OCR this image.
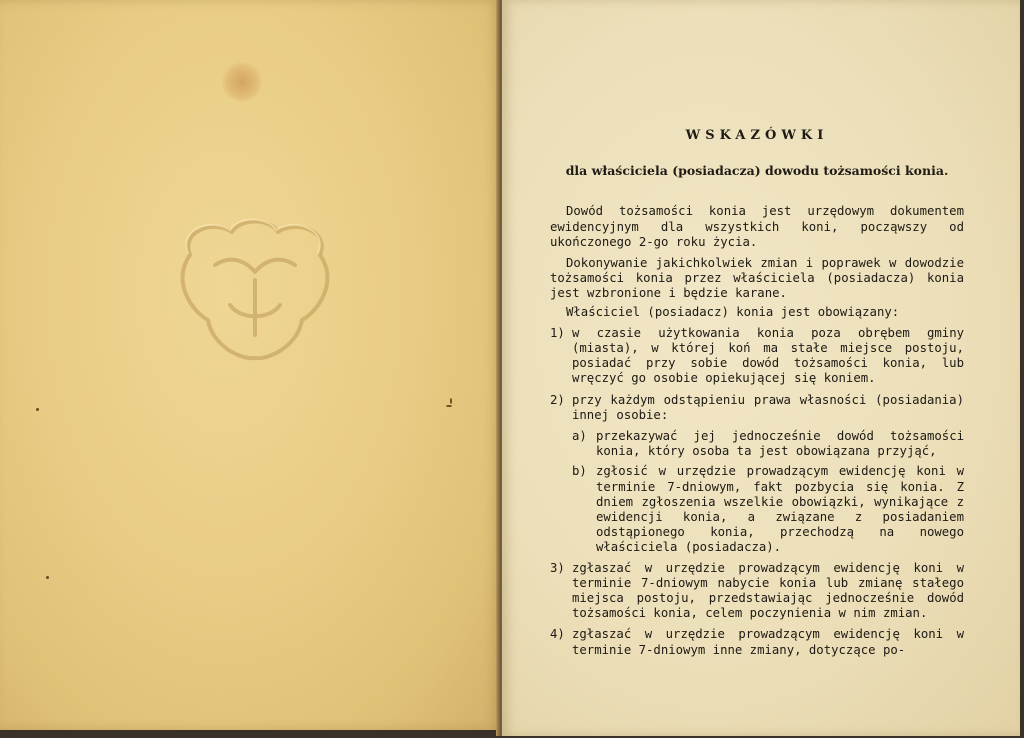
WSKAZÓWKI
dla właściciela (posiadacza) dowodu tożsamości konia.
Dowód tożsamości konia jest urzędowym dokumentem ewidencyjnym dla wszystkich koni, począwszy od ukończonego 2-go roku życia.
Dokonywanie jakichkolwiek zmian i poprawek w dowodzie tożsamości konia przez właściciela (posiadacza) konia jest wzbronione i będzie karane.
Właściciel (posiadacz) konia jest obowiązany:
1) w czasie użytkowania konia poza obrębem gminy (miasta), w której koń ma stałe miejsce postoju, posiadać przy sobie dowód tożsamości konia, lub wręczyć go osobie opiekującej się koniem.
2) przy każdym odstąpieniu prawa własności (posiadania) innej osobie:
a) przekazywać jej jednocześnie dowód tożsamości konia, który osoba ta jest obowiązana przyjąć,
b) zgłosić w urzędzie prowadzącym ewidencję koni w terminie 7-dniowym, fakt pozbycia się konia. Z dniem zgłoszenia wszelkie obowiązki, wynikające z ewidencji konia, a związane z posiadaniem odstąpionego konia, przechodzą na nowego właściciela (posiadacza).
3) zgłaszać w urzędzie prowadzącym ewidencję koni w terminie 7-dniowym nabycie konia lub zmianę stałego miejsca postoju, przedstawiając jednocześnie dowód tożsamości konia, celem poczynienia w nim zmian.
4) zgłaszać w urzędzie prowadzącym ewidencję koni w terminie 7-dniowym inne zmiany, dotyczące po-
